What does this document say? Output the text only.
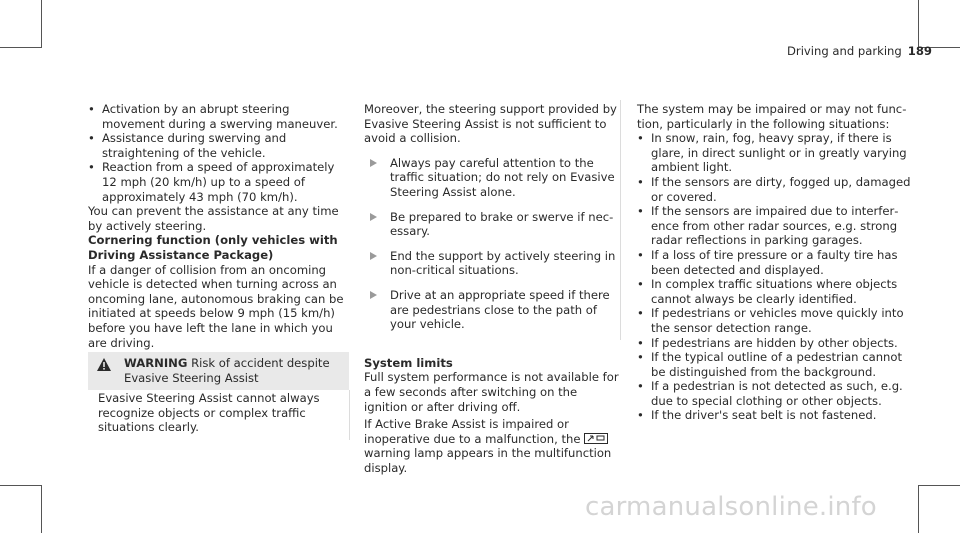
Driving and parking 189

• Activation by an abrupt steering movement during a swerving maneuver.

• Assistance during swerving and straightening of the vehicle.

• Reaction from a speed of approximately 12 mph (20 km/h) up to a speed of approximately 43 mph (70 km/h).

You can prevent the assistance at any time by actively steering.

Cornering function (only vehicles with Driving Assistance Package)

If a danger of collision from an oncoming vehicle is detected when turning across an oncoming lane, autonomous braking can be initiated at speeds below 9 mph (15 km/h) before you have left the lane in which you are driving.

WARNING Risk of accident despite Evasive Steering Assist
Evasive Steering Assist cannot always recognize objects or complex traffic situations clearly.

Moreover, the steering support provided by Evasive Steering Assist is not sufficient to avoid a collision.

Always pay careful attention to the traffic situation; do not rely on Evasive Steering Assist alone.

Be prepared to brake or swerve if necessary.

End the support by actively steering in non-critical situations.

Drive at an appropriate speed if there are pedestrians close to the path of your vehicle.

System limits

Full system performance is not available for a few seconds after switching on the ignition or after driving off.

If Active Brake Assist is impaired or inoperative due to a malfunction, the  warning lamp appears in the multifunction display.

The system may be impaired or may not function, particularly in the following situations:

• In snow, rain, fog, heavy spray, if there is glare, in direct sunlight or in greatly varying ambient light.

• If the sensors are dirty, fogged up, damaged or covered.

• If the sensors are impaired due to interference from other radar sources, e.g. strong radar reflections in parking garages.

• If a loss of tire pressure or a faulty tire has been detected and displayed.

• In complex traffic situations where objects cannot always be clearly identified.

• If pedestrians or vehicles move quickly into the sensor detection range.

• If pedestrians are hidden by other objects.

• If the typical outline of a pedestrian cannot be distinguished from the background.

• If a pedestrian is not detected as such, e.g. due to special clothing or other objects.

• If the driver's seat belt is not fastened.

carmanualsonline.info
